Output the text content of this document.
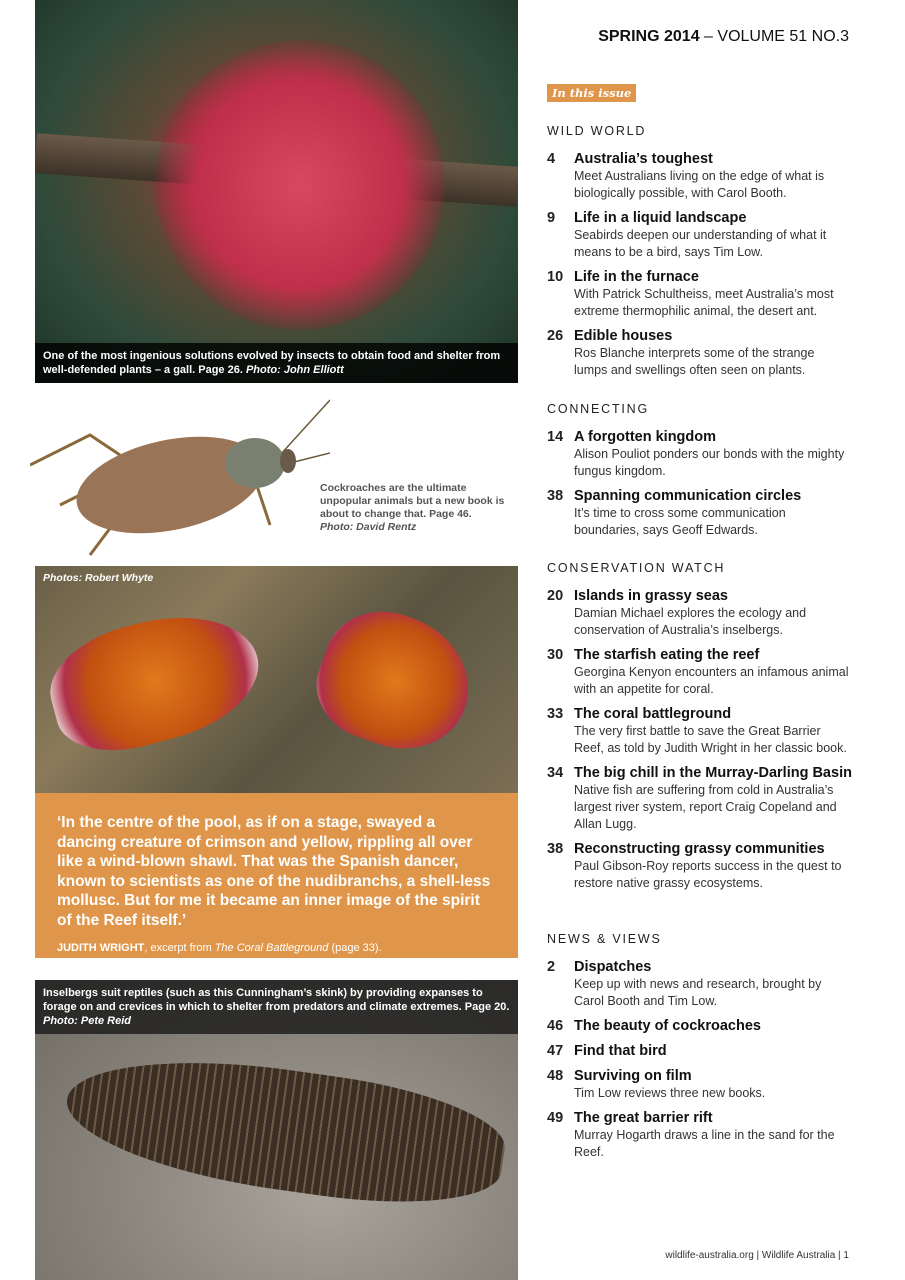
One of the most ingenious solutions evolved by insects to obtain food and shelter from well-defended plants – a gall. Page 26. Photo: John Elliott
Cockroaches are the ultimate unpopular animals but a new book is about to change that. Page 46.
Photo: David Rentz
Photos: Robert Whyte
‘In the centre of the pool, as if on a stage, swayed a dancing creature of crimson and yellow, rippling all over like a wind-blown shawl. That was the Spanish dancer, known to scientists as one of the nudibranchs, a shell-less mollusc. But for me it became an inner image of the spirit of the Reef itself.’
JUDITH WRIGHT, excerpt from The Coral Battleground (page 33).
Inselbergs suit reptiles (such as this Cunningham’s skink) by providing expanses to forage on and crevices in which to shelter from predators and climate extremes. Page 20. Photo: Pete Reid
SPRING 2014 – VOLUME 51 NO.3
In this issue
WILD WORLD
4	Australia’s toughest
Meet Australians living on the edge of what is biologically possible, with Carol Booth.
9	Life in a liquid landscape
Seabirds deepen our understanding of what it means to be a bird, says Tim Low.
10 Life in the furnace
With Patrick Schultheiss, meet Australia’s most extreme thermophilic animal, the desert ant.
26 Edible houses
Ros Blanche interprets some of the strange lumps and swellings often seen on plants.
CONNECTING
14 A forgotten kingdom
Alison Pouliot ponders our bonds with the mighty fungus kingdom.
38 Spanning communication circles
It’s time to cross some communication boundaries, says Geoff Edwards.
CONSERVATION WATCH
20 Islands in grassy seas
Damian Michael explores the ecology and conservation of Australia’s inselbergs.
30 The starfish eating the reef
Georgina Kenyon encounters an infamous animal with an appetite for coral.
33 The coral battleground
The very first battle to save the Great Barrier Reef, as told by Judith Wright in her classic book.
34 The big chill in the Murray-Darling Basin
Native fish are suffering from cold in Australia’s largest river system, report Craig Copeland and Allan Lugg.
38 Reconstructing grassy communities
Paul Gibson-Roy reports success in the quest to restore native grassy ecosystems.
NEWS & VIEWS
2	Dispatches
Keep up with news and research, brought by Carol Booth and Tim Low.
46 The beauty of cockroaches
47 Find that bird
48 Surviving on film
Tim Low reviews three new books.
49 The great barrier rift
Murray Hogarth draws a line in the sand for the Reef.
wildlife-australia.org | Wildlife Australia | 1
